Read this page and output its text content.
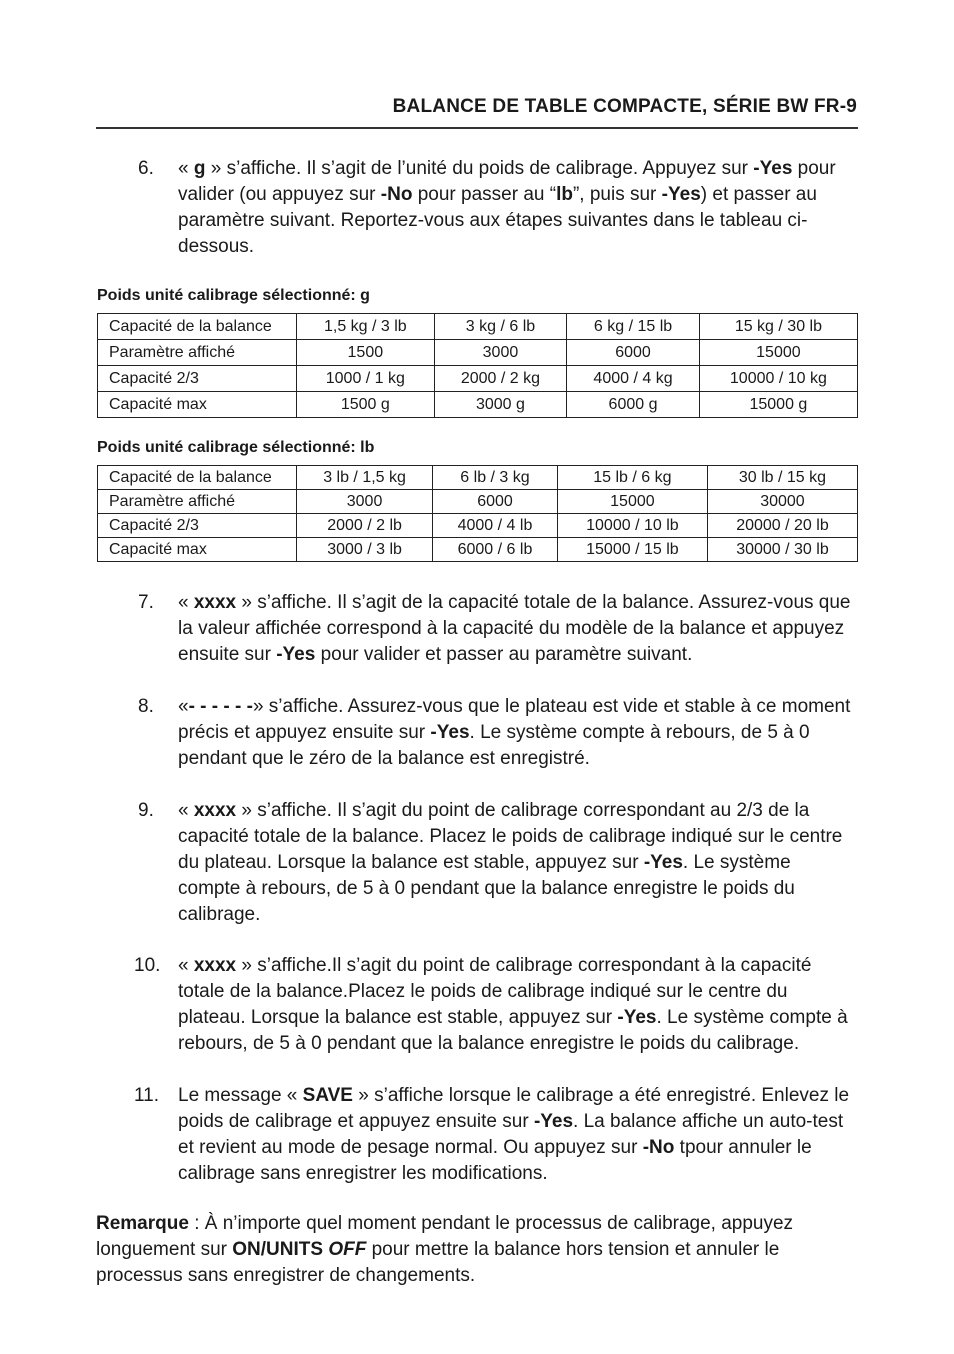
BALANCE DE TABLE COMPACTE, SÉRIE BW FR-9
6. « g » s’affiche. Il s’agit de l’unité du poids de calibrage. Appuyez sur -Yes pour valider (ou appuyez sur -No pour passer au “lb”, puis sur -Yes) et passer au paramètre suivant. Reportez-vous aux étapes suivantes dans le tableau ci-dessous.
Poids unité calibrage sélectionné: g
Capacité de la balance	1,5 kg / 3 lb	3 kg / 6 lb	6 kg / 15 lb	15 kg / 30 lb
Paramètre affiché	1500	3000	6000	15000
Capacité 2/3	1000 / 1 kg	2000 / 2 kg	4000 / 4 kg	10000 / 10 kg
Capacité max	1500 g	3000 g	6000 g	15000 g
Poids unité calibrage sélectionné: lb
Capacité de la balance	3 lb / 1,5 kg	6 lb / 3 kg	15 lb / 6 kg	30 lb / 15 kg
Paramètre affiché	3000	6000	15000	30000
Capacité 2/3	2000 / 2 lb	4000 / 4 lb	10000 / 10 lb	20000 / 20 lb
Capacité max	3000 / 3 lb	6000 / 6 lb	15000 / 15 lb	30000 / 30 lb
7. « xxxx » s’affiche. Il s’agit de la capacité totale de la balance. Assurez-vous que la valeur affichée correspond à la capacité du modèle de la balance et appuyez ensuite sur -Yes pour valider et passer au paramètre suivant.
8. «- - - - - -» s’affiche. Assurez-vous que le plateau est vide et stable à ce moment précis et appuyez ensuite sur -Yes. Le système compte à rebours, de 5 à 0 pendant que le zéro de la balance est enregistré.
9. « xxxx » s’affiche. Il s’agit du point de calibrage correspondant au 2/3 de la capacité totale de la balance. Placez le poids de calibrage indiqué sur le centre du plateau. Lorsque la balance est stable, appuyez sur -Yes. Le système compte à rebours, de 5 à 0 pendant que la balance enregistre le poids du calibrage.
10. « xxxx » s’affiche.Il s’agit du point de calibrage correspondant à la capacité totale de la balance.Placez le poids de calibrage indiqué sur le centre du plateau. Lorsque la balance est stable, appuyez sur -Yes. Le système compte à rebours, de 5 à 0 pendant que la balance enregistre le poids du calibrage.
11. Le message « SAVE » s’affiche lorsque le calibrage a été enregistré. Enlevez le poids de calibrage et appuyez ensuite sur -Yes. La balance affiche un auto-test et revient au mode de pesage normal. Ou appuyez sur -No tpour annuler le calibrage sans enregistrer les modifications.
Remarque : À n’importe quel moment pendant le processus de calibrage, appuyez longuement sur ON/UNITS OFF pour mettre la balance hors tension et annuler le processus sans enregistrer de changements.
